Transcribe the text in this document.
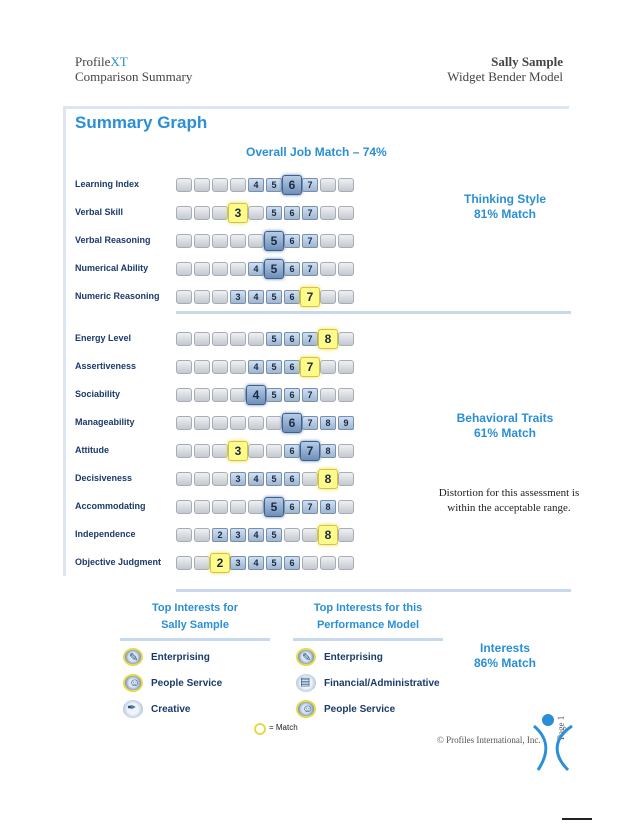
ProfileXT
Comparison Summary
Sally Sample
Widget Bender Model
Summary Graph
Overall Job Match – 74%
Learning Index	4	5	6	7
Verbal Skill	3	5	6	7
Verbal Reasoning	5	6	7
Numerical Ability	4	5	6	7
Numeric Reasoning	3	4	5	6	7
Energy Level	5	6	7	8
Assertiveness	4	5	6	7
Sociability	4	5	6	7
Manageability	6	7	8	9
Attitude	3	6	7	8
Decisiveness	3	4	5	6	8
Accommodating	5	6	7	8
Independence	2	3	4	5	8
Objective Judgment	2	3	4	5	6
Thinking Style
81% Match
Behavioral Traits
61% Match
Distortion for this assessment is within the acceptable range.
Top Interests for
Sally Sample
Top Interests for this
Performance Model
Interests
86% Match
✎ Enterprising
☺ People Service
✒ Creative
✎ Enterprising
▤ Financial/Administrative
☺ People Service
= Match
© Profiles International, Inc. Page 1
